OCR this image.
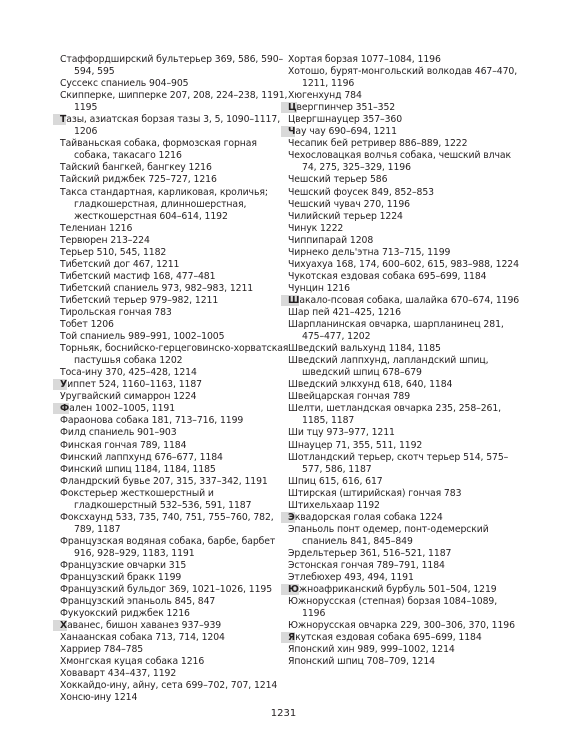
Стаффордширский бультерьер 369, 586, 590–594, 595
Суссекс спаниель 904–905
Скипперке, шипперке 207, 208, 224–238, 1191, 1195
Тазы, азиатская борзая тазы 3, 5, 1090–1117, 1206
Тайваньская собака, формозская горная собака, такасаго 1216
Тайский бангкей, бангкеу 1216
Тайский риджбек 725–727, 1216
Такса стандартная, карликовая, кроличья; гладкошерстная, длинношерстная, жесткошерстная 604–614, 1192
Телениан 1216
Тервюрен 213–224
Терьер 510, 545, 1182
Тибетский дог 467, 1211
Тибетский мастиф 168, 477–481
Тибетский спаниель 973, 982–983, 1211
Тибетский терьер 979–982, 1211
Тирольская гончая 783
Тобет 1206
Той спаниель 989–991, 1002–1005
Торньяк, боснийско-герцеговинско-хорватская пастушья собака 1202
Тоса-ину 370, 425–428, 1214
Уиппет 524, 1160–1163, 1187
Уругвайский симаррон 1224
Фален 1002–1005, 1191
Фараонова собака 181, 713–716, 1199
Филд спаниель 901–903
Финская гончая 789, 1184
Финский лаппхунд 676–677, 1184
Финский шпиц 1184, 1184, 1185
Фландрский бувье 207, 315, 337–342, 1191
Фокстерьер жесткошерстный и гладкошерстный 532–536, 591, 1187
Фоксхаунд 533, 735, 740, 751, 755–760, 782, 789, 1187
Французская водяная собака, барбе, барбет 916, 928–929, 1183, 1191
Французские овчарки 315
Французский бракк 1199
Французский бульдог 369, 1021–1026, 1195
Французский эпаньоль 845, 847
Фукуокский риджбек 1216
Хаванес, бишон хаванез 937–939
Ханаанская собака 713, 714, 1204
Харриер 784–785
Хмонгская куцая собака 1216
Ховаварт 434–437, 1192
Хоккайдо-ину, айну, сета 699–702, 707, 1214
Хонсю-ину 1214
Хортая борзая 1077–1084, 1196
Хотошо, бурят-монгольский волкодав 467–470, 1211, 1196
Хюгенхунд 784
Цвергпинчер 351–352
Цвергшнауцер 357–360
Чау чау 690–694, 1211
Чесапик бей ретривер 886–889, 1222
Чехословацкая волчья собака, чешский влчак 74, 275, 325–329, 1196
Чешский терьер 586
Чешский фоусек 849, 852–853
Чешский чувач 270, 1196
Чилийский терьер 1224
Чинук 1222
Чиппипарай 1208
Чирнеко дель'этна 713–715, 1199
Чихуахуа 168, 174, 600–602, 615, 983–988, 1224
Чукотская ездовая собака 695–699, 1184
Чунцин 1216
Шакало-псовая собака, шалайка 670–674, 1196
Шар пей 421–425, 1216
Шарпланинская овчарка, шарпланинец 281, 475–477, 1202
Шведский вальхунд 1184, 1185
Шведский лаппхунд, лапландский шпиц, шведский шпиц 678–679
Шведский элкхунд 618, 640, 1184
Швейцарская гончая 789
Шелти, шетландская овчарка 235, 258–261, 1185, 1187
Ши тцу 973–977, 1211
Шнауцер 71, 355, 511, 1192
Шотландский терьер, скотч терьер 514, 575–577, 586, 1187
Шпиц 615, 616, 617
Штирская (штирийская) гончая 783
Штихельхаар 1192
Эквадорская голая собака 1224
Эпаньоль понт одемер, понт-одемерский спаниель 841, 845–849
Эрдельтерьер 361, 516–521, 1187
Эстонская гончая 789–791, 1184
Этлебюхер 493, 494, 1191
Южноафриканский бурбуль 501–504, 1219
Южнорусская (степная) борзая 1084–1089, 1196
Южнорусская овчарка 229, 300–306, 370, 1196
Якутская ездовая собака 695–699, 1184
Японский хин 989, 999–1002, 1214
Японский шпиц 708–709, 1214
1231
